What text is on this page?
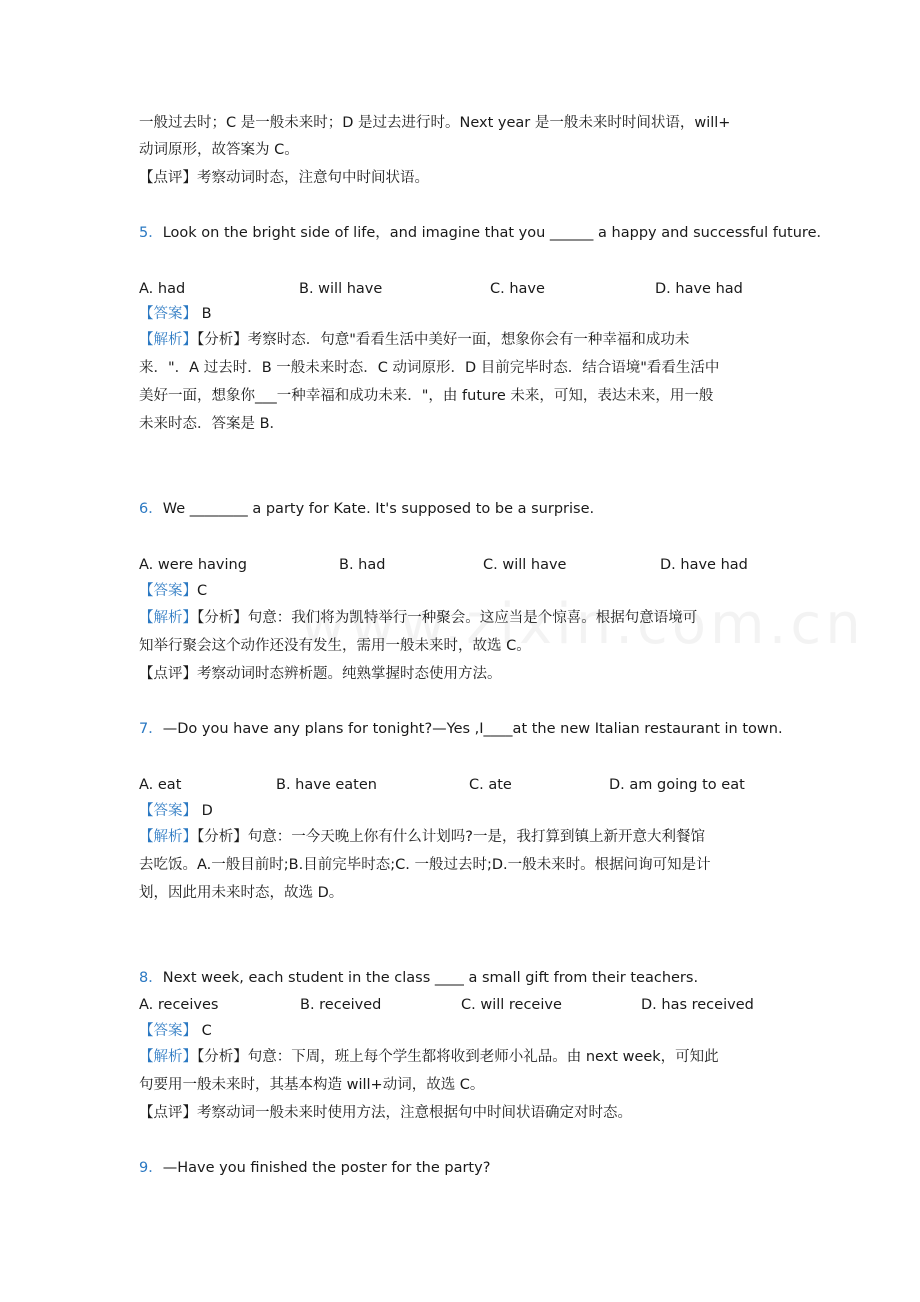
一般过去时；C 是一般未来时；D 是过去进行时。Next year 是一般未来时时间状语，will+
动词原形，故答案为 C。
【点评】考察动词时态，注意句中时间状语。
5．Look on the bright side of life，and imagine that you ______ a happy and successful future．
A. had	B. will have	C. have	D. have had
【答案】 B
【解析】【分析】考察时态．句意"看看生活中美好一面，想象你会有一种幸福和成功未
来．"．A 过去时．B 一般未来时态．C 动词原形．D 目前完毕时态．结合语境"看看生活中
美好一面，想象你___一种幸福和成功未来．"，由 future 未来，可知，表达未来，用一般
未来时态．答案是 B．
6．We ________ a party for Kate. It's supposed to be a surprise.
A. were having	B. had	C. will have	D. have had
【答案】C
【解析】【分析】句意：我们将为凯特举行一种聚会。这应当是个惊喜。根据句意语境可
知举行聚会这个动作还没有发生，需用一般未来时，故选 C。
【点评】考察动词时态辨析题。纯熟掌握时态使用方法。
7．—Do you have any plans for tonight?—Yes ,I____at the new Italian restaurant in town.
A. eat	B. have eaten	C. ate	D. am going to eat
【答案】 D
【解析】【分析】句意：一今天晚上你有什么计划吗?一是，我打算到镇上新开意大利餐馆
去吃饭。A.一般目前时;B.目前完毕时态;C. 一般过去时;D.一般未来时。根据问询可知是计
划，因此用未来时态，故选 D。
8．Next week, each student in the class ____ a small gift from their teachers.
A. receives	B. received	C. will receive	D. has received
【答案】 C
【解析】【分析】句意：下周，班上每个学生都将收到老师小礼品。由 next week，可知此
句要用一般未来时，其基本构造 will+动词，故选 C。
【点评】考察动词一般未来时使用方法，注意根据句中时间状语确定对时态。
9．—Have you finished the poster for the party?
